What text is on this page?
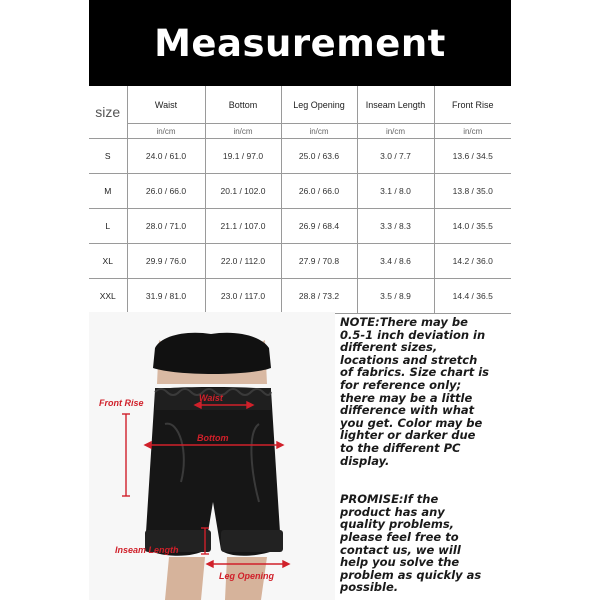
Measurement
size	Waist	Bottom	Leg Opening	Inseam Length	Front Rise
	in/cm	in/cm	in/cm	in/cm	in/cm
S	24.0 / 61.0	19.1 / 97.0	25.0 / 63.6	3.0 / 7.7	13.6 / 34.5
M	26.0 / 66.0	20.1 / 102.0	26.0 / 66.0	3.1 / 8.0	13.8 / 35.0
L	28.0 / 71.0	21.1 / 107.0	26.9 / 68.4	3.3 / 8.3	14.0 / 35.5
XL	29.9 / 76.0	22.0 / 112.0	27.9 / 70.8	3.4 / 8.6	14.2 / 36.0
XXL	31.9 / 81.0	23.0 / 117.0	28.8 / 73.2	3.5 / 8.9	14.4 / 36.5
Front Rise	Waist
Bottom
Inseam Length
Leg Opening

NOTE:There may be 0.5-1 inch deviation in different sizes, locations and stretch of fabrics. Size chart is for reference only; there may be a little difference with what you get. Color may be lighter or darker due to the different PC display.

PROMISE:If the product has any quality problems, please feel free to contact us, we will help you solve the problem as quickly as possible.
